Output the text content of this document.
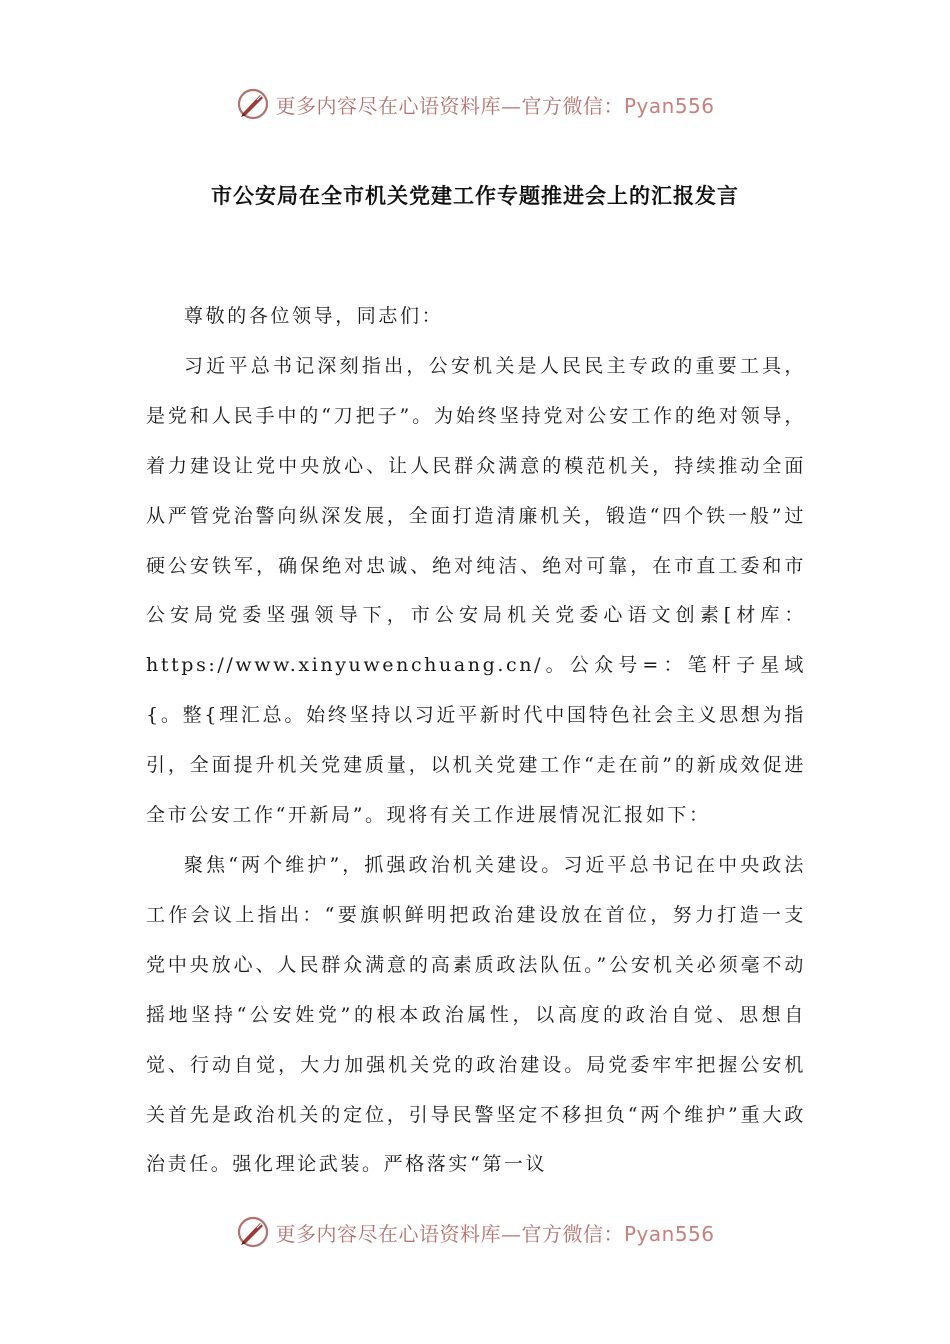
更多内容尽在心语资料库—官方微信：Pyan556
市公安局在全市机关党建工作专题推进会上的汇报发言

尊敬的各位领导，同志们：

习近平总书记深刻指出，公安机关是人民民主专政的重要工具，是党和人民手中的“刀把子”。为始终坚持党对公安工作的绝对领导，着力建设让党中央放心、让人民群众满意的模范机关，持续推动全面从严管党治警向纵深发展，全面打造清廉机关，锻造“四个铁一般”过硬公安铁军，确保绝对忠诚、绝对纯洁、绝对可靠，在市直工委和市公安局党委坚强领导下，市公安局机关党委心语文创素[材库：https://www.xinyuwenchuang.cn/。公众号=：笔杆子星域{。整{理汇总。始终坚持以习近平新时代中国特色社会主义思想为指引，全面提升机关党建质量，以机关党建工作“走在前”的新成效促进全市公安工作“开新局”。现将有关工作进展情况汇报如下：

聚焦“两个维护”，抓强政治机关建设。习近平总书记在中央政法工作会议上指出：“要旗帜鲜明把政治建设放在首位，努力打造一支党中央放心、人民群众满意的高素质政法队伍。”公安机关必须毫不动摇地坚持“公安姓党”的根本政治属性，以高度的政治自觉、思想自觉、行动自觉，大力加强机关党的政治建设。局党委牢牢把握公安机关首先是政治机关的定位，引导民警坚定不移担负“两个维护”重大政治责任。强化理论武装。严格落实“第一议

更多内容尽在心语资料库—官方微信：Pyan556
